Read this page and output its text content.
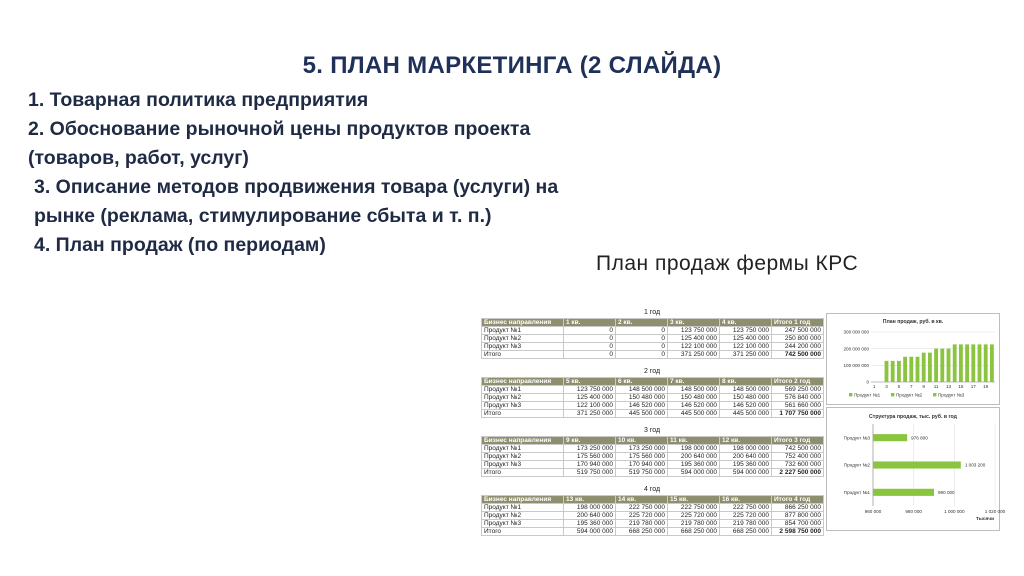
5. ПЛАН МАРКЕТИНГА (2 СЛАЙДА)
1. Товарная политика предприятия
2. Обоснование рыночной цены продуктов проекта
(товаров, работ, услуг)
3. Описание методов продвижения товара (услуги) на
рынке (реклама, стимулирование сбыта и т. п.)
4. План продаж (по периодам)
План продаж фермы КРС
1 год
Бизнес направления	1 кв.	2 кв.	3 кв.	4 кв.	Итого 1 год
Продукт №1	0	0	123 750 000	123 750 000	247 500 000
Продукт №2	0	0	125 400 000	125 400 000	250 800 000
Продукт №3	0	0	122 100 000	122 100 000	244 200 000
Итого	0	0	371 250 000	371 250 000	742 500 000
2 год
Бизнес направления	5 кв.	6 кв.	7 кв.	8 кв.	Итого 2 год
Продукт №1	123 750 000	148 500 000	148 500 000	148 500 000	569 250 000
Продукт №2	125 400 000	150 480 000	150 480 000	150 480 000	576 840 000
Продукт №3	122 100 000	146 520 000	146 520 000	146 520 000	561 660 000
Итого	371 250 000	445 500 000	445 500 000	445 500 000	1 707 750 000
3 год
Бизнес направления	9 кв.	10 кв.	11 кв.	12 кв.	Итого 3 год
Продукт №1	173 250 000	173 250 000	198 000 000	198 000 000	742 500 000
Продукт №2	175 560 000	175 560 000	200 640 000	200 640 000	752 400 000
Продукт №3	170 940 000	170 940 000	195 360 000	195 360 000	732 600 000
Итого	519 750 000	519 750 000	594 000 000	594 000 000	2 227 500 000
4 год
Бизнес направления	13 кв.	14 кв.	15 кв.	16 кв.	Итого 4 год
Продукт №1	198 000 000	222 750 000	222 750 000	222 750 000	866 250 000
Продукт №2	200 640 000	225 720 000	225 720 000	225 720 000	877 800 000
Продукт №3	195 360 000	219 780 000	219 780 000	219 780 000	854 700 000
Итого	594 000 000	668 250 000	668 250 000	668 250 000	2 598 750 000
План продаж, руб. в кв.
0
100 000 000
200 000 000
300 000 000
1 3 5 7 9 11 13 15 17 19
Продукт №1	Продукт №2	Продукт №3
Структура продаж, тыс. руб. в год
960 000	980 000	1 000 000	1 020 000
Продукт №3	976 800
Продукт №2	1 003 200
Продукт №1	990 000
Тысячи
